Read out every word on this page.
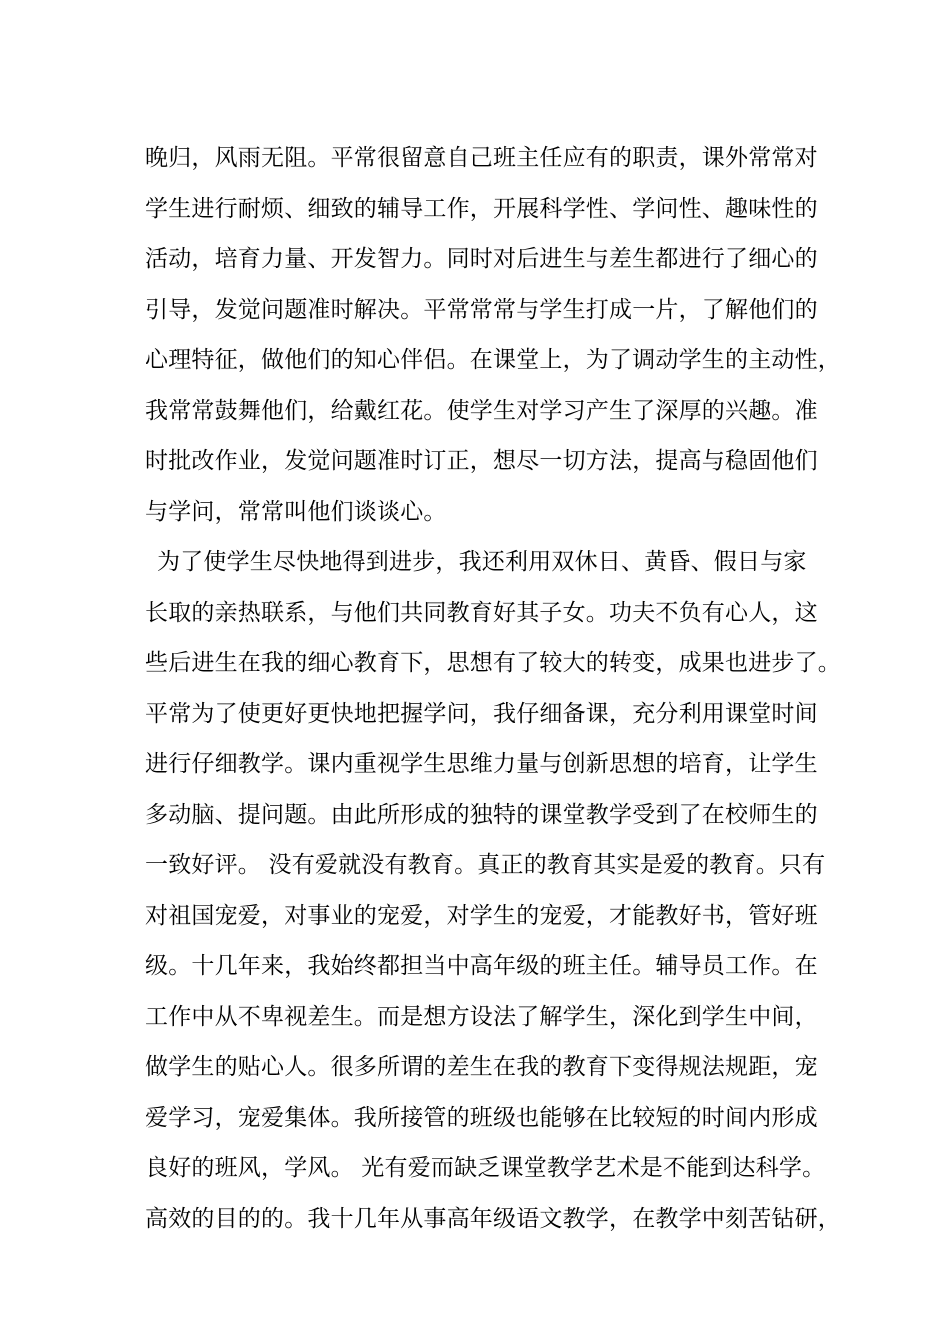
晚归，风雨无阻。平常很留意自己班主任应有的职责，课外常常对
学生进行耐烦、细致的辅导工作，开展科学性、学问性、趣味性的
活动，培育力量、开发智力。同时对后进生与差生都进行了细心的
引导，发觉问题准时解决。平常常常与学生打成一片，了解他们的
心理特征，做他们的知心伴侣。在课堂上，为了调动学生的主动性，
我常常鼓舞他们，给戴红花。使学生对学习产生了深厚的兴趣。准
时批改作业，发觉问题准时订正，想尽一切方法，提高与稳固他们
与学问，常常叫他们谈谈心。
为了使学生尽快地得到进步，我还利用双休日、黄昏、假日与家
长取的亲热联系，与他们共同教育好其子女。功夫不负有心人，这
些后进生在我的细心教育下，思想有了较大的转变，成果也进步了。
平常为了使更好更快地把握学问，我仔细备课，充分利用课堂时间
进行仔细教学。课内重视学生思维力量与创新思想的培育，让学生
多动脑、提问题。由此所形成的独特的课堂教学受到了在校师生的
一致好评。 没有爱就没有教育。真正的教育其实是爱的教育。只有
对祖国宠爱，对事业的宠爱，对学生的宠爱，才能教好书，管好班
级。十几年来，我始终都担当中高年级的班主任。辅导员工作。在
工作中从不卑视差生。而是想方设法了解学生，深化到学生中间，
做学生的贴心人。很多所谓的差生在我的教育下变得规法规距，宠
爱学习，宠爱集体。我所接管的班级也能够在比较短的时间内形成
良好的班风，学风。 光有爱而缺乏课堂教学艺术是不能到达科学。
高效的目的的。我十几年从事高年级语文教学，在教学中刻苦钻研，
